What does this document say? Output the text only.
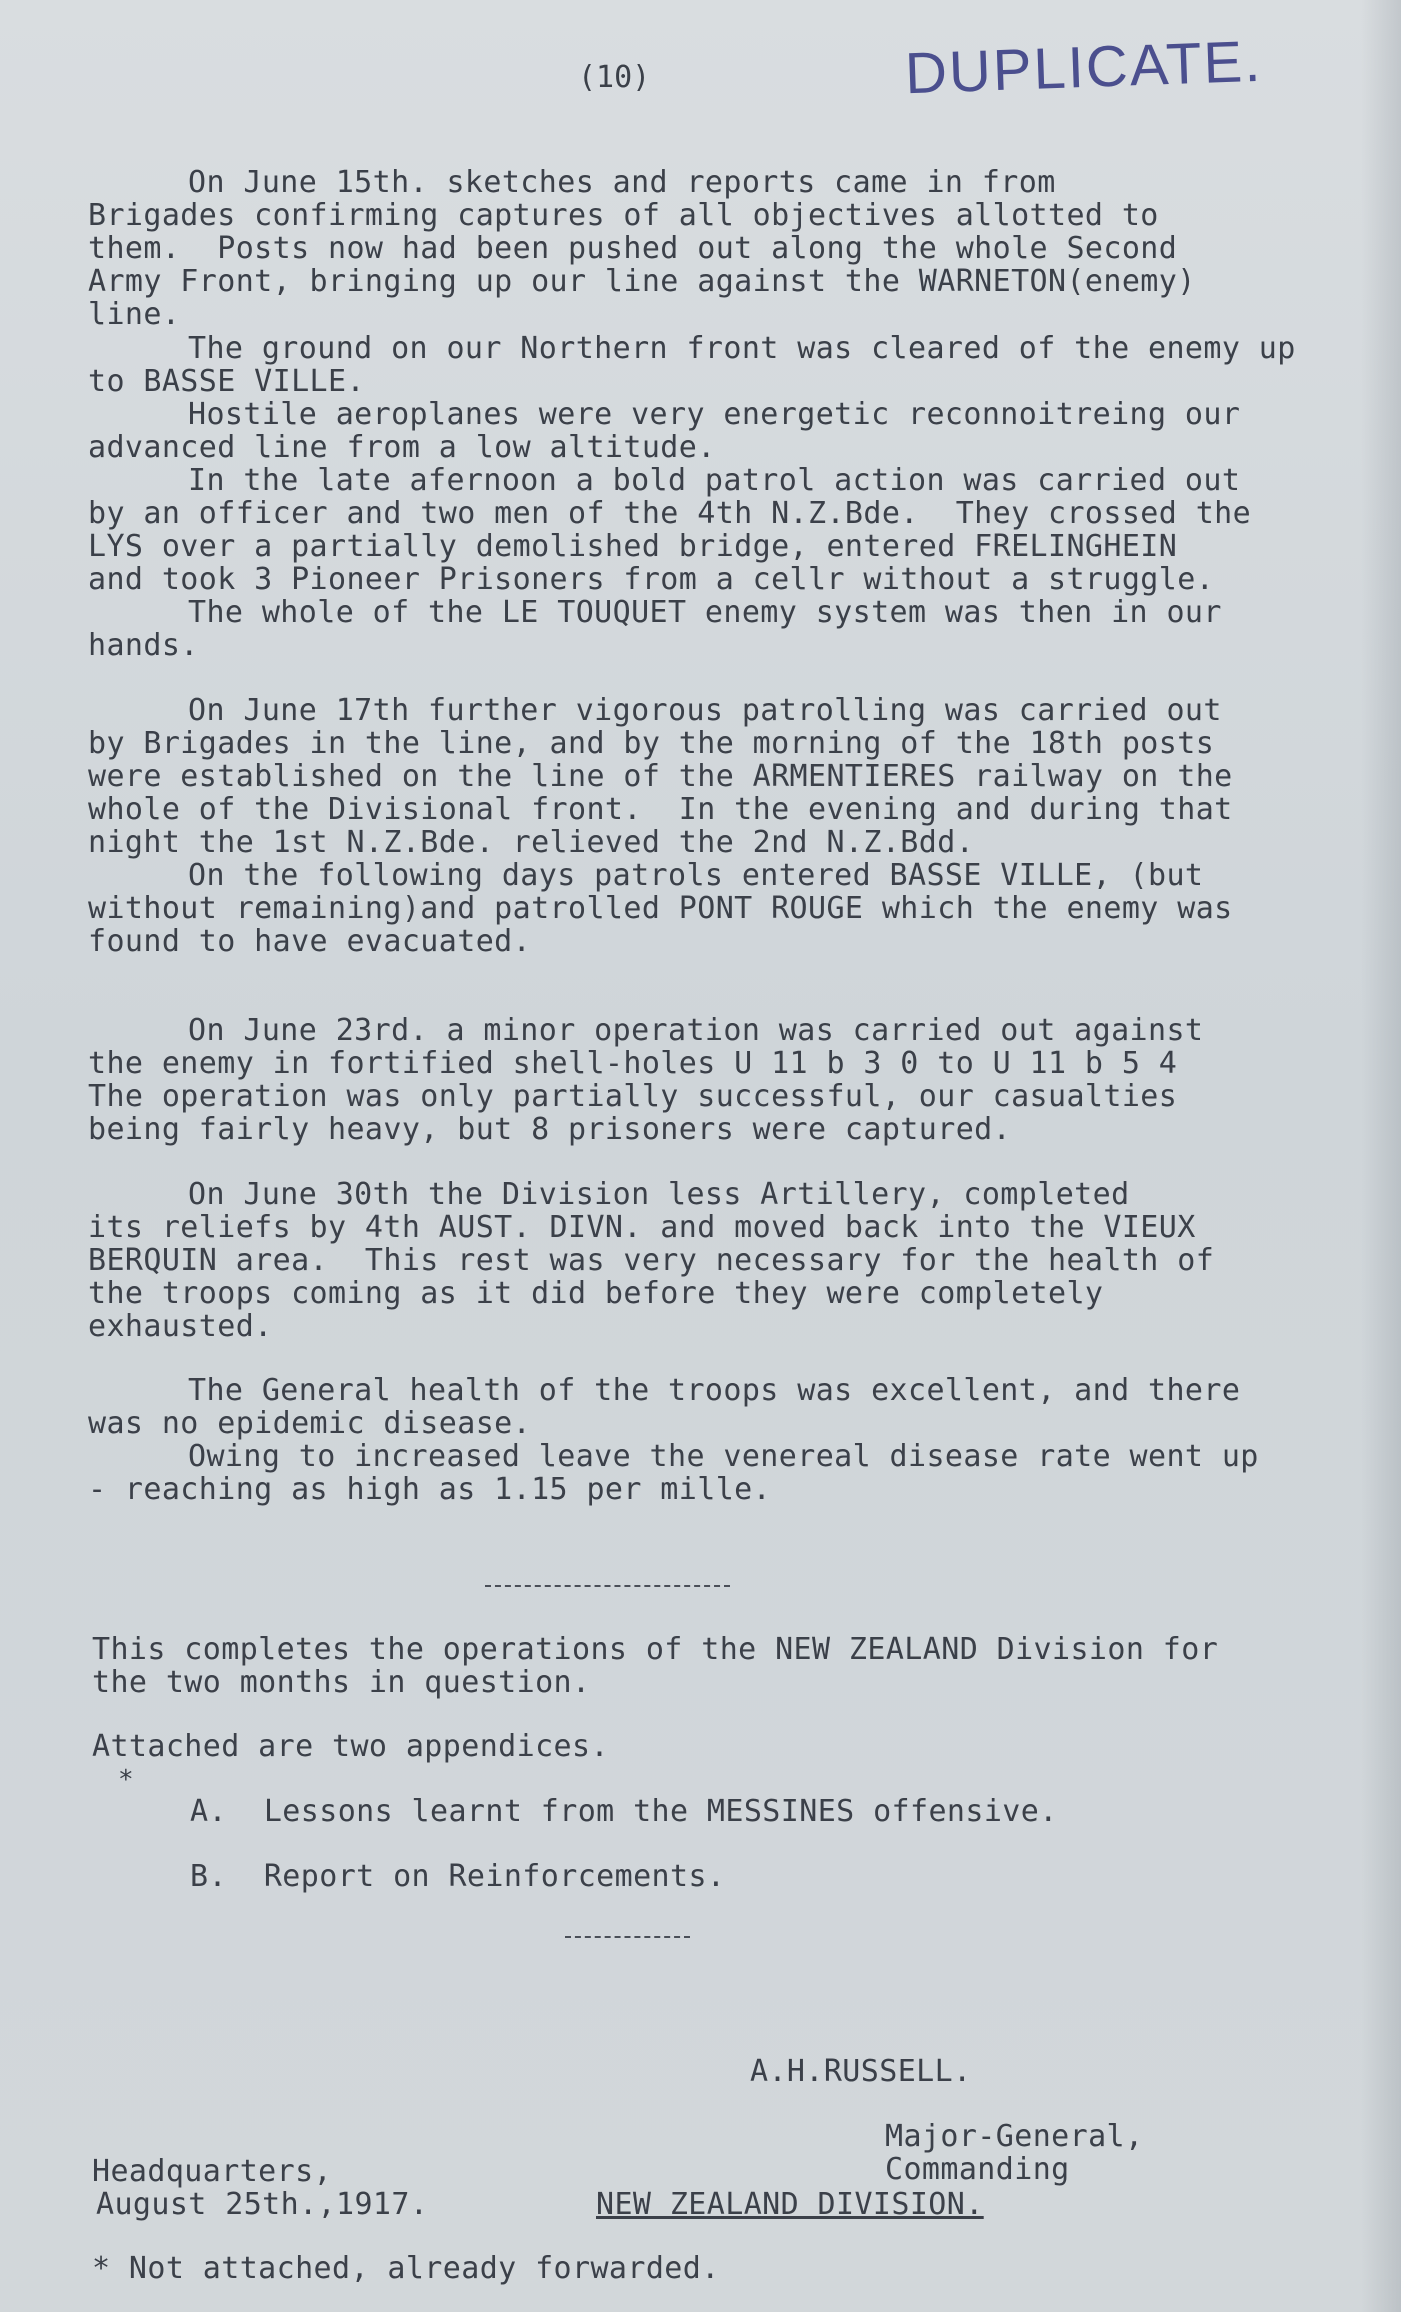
(10)	DUPLICATE.
On June 15th. sketches and reports came in from
Brigades confirming captures of all objectives allotted to
them.  Posts now had been pushed out along the whole Second
Army Front, bringing up our line against the WARNETON(enemy)
line.
The ground on our Northern front was cleared of the enemy up
to BASSE VILLE.
Hostile aeroplanes were very energetic reconnoitreing our
advanced line from a low altitude.
In the late afernoon a bold patrol action was carried out
by an officer and two men of the 4th N.Z.Bde.  They crossed the
LYS over a partially demolished bridge, entered FRELINGHEIN
and took 3 Pioneer Prisoners from a cellr without a struggle.
The whole of the LE TOUQUET enemy system was then in our
hands.
On June 17th further vigorous patrolling was carried out
by Brigades in the line, and by the morning of the 18th posts
were established on the line of the ARMENTIERES railway on the
whole of the Divisional front.  In the evening and during that
night the 1st N.Z.Bde. relieved the 2nd N.Z.Bdd.
On the following days patrols entered BASSE VILLE, (but
without remaining)and patrolled PONT ROUGE which the enemy was
found to have evacuated.
On June 23rd. a minor operation was carried out against
the enemy in fortified shell-holes U 11 b 3 0 to U 11 b 5 4
The operation was only partially successful, our casualties
being fairly heavy, but 8 prisoners were captured.
On June 30th the Division less Artillery, completed
its reliefs by 4th AUST. DIVN. and moved back into the VIEUX
BERQUIN area.  This rest was very necessary for the health of
the troops coming as it did before they were completely
exhausted.
The General health of the troops was excellent, and there
was no epidemic disease.
Owing to increased leave the venereal disease rate went up
- reaching as high as 1.15 per mille.
This completes the operations of the NEW ZEALAND Division for
the two months in question.
Attached are two appendices.
*
A.  Lessons learnt from the MESSINES offensive.
B.  Report on Reinforcements.
A.H.RUSSELL.
Major-General,
Commanding
Headquarters,
August 25th.,1917.	NEW ZEALAND DIVISION.
* Not attached, already forwarded.
